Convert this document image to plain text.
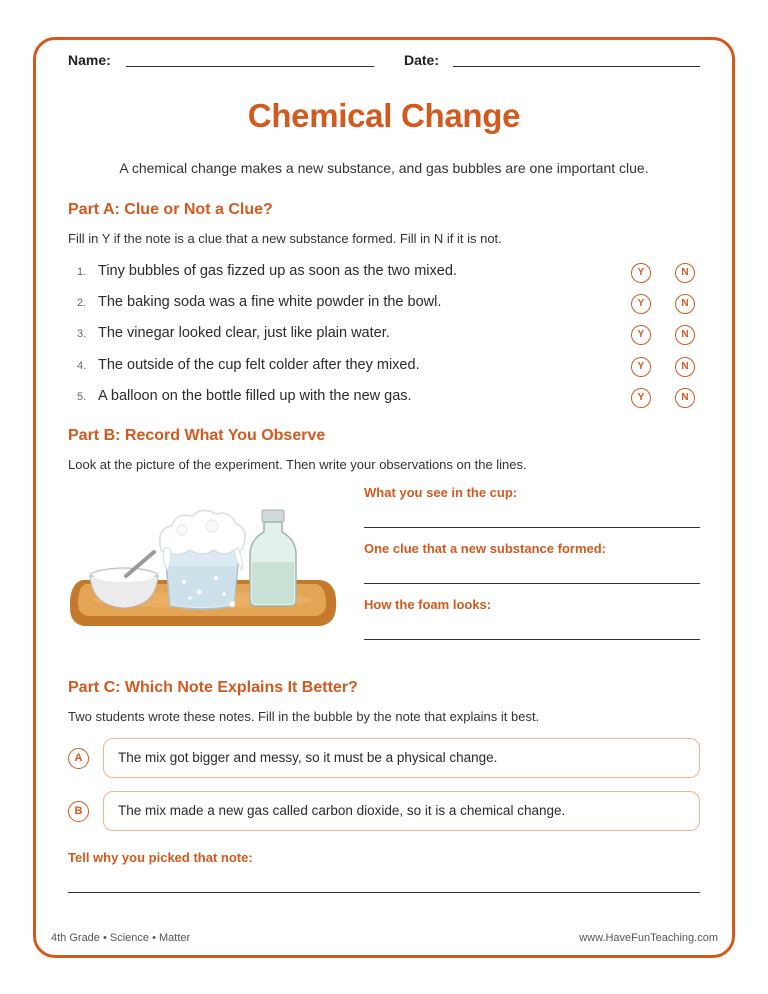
Name:	Date:
Chemical Change

A chemical change makes a new substance, and gas bubbles are one important clue.

Part A: Clue or Not a Clue?

Fill in Y if the note is a clue that a new substance formed. Fill in N if it is not.

1. Tiny bubbles of gas fizzed up as soon as the two mixed.	Y	N
2. The baking soda was a fine white powder in the bowl.	Y	N
3. The vinegar looked clear, just like plain water.	Y	N
4. The outside of the cup felt colder after they mixed.	Y	N
5. A balloon on the bottle filled up with the new gas.	Y	N
Part B: Record What You Observe

Look at the picture of the experiment. Then write your observations on the lines.

What you see in the cup:
One clue that a new substance formed:
How the foam looks:
Part C: Which Note Explains It Better?

Two students wrote these notes. Fill in the bubble by the note that explains it best.

A	The mix got bigger and messy, so it must be a physical change.
B	The mix made a new gas called carbon dioxide, so it is a chemical change.
Tell why you picked that note:
4th Grade • Science • Matter	www.HaveFunTeaching.com
